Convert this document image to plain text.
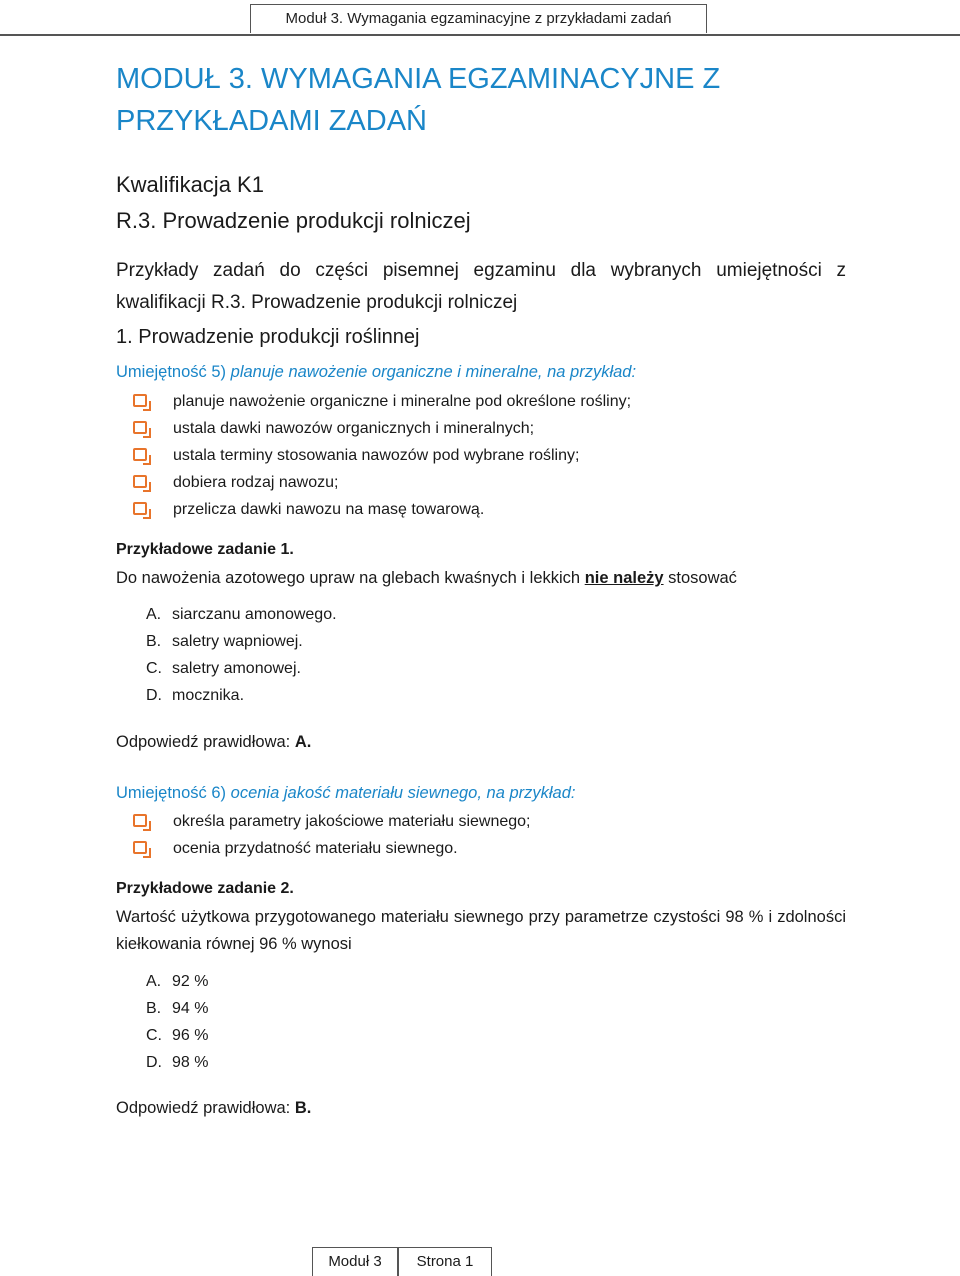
Moduł 3. Wymagania egzaminacyjne z przykładami zadań
MODUŁ 3. WYMAGANIA EGZAMINACYJNE Z PRZYKŁADAMI ZADAŃ
Kwalifikacja K1
R.3. Prowadzenie produkcji rolniczej
Przykłady zadań do części pisemnej egzaminu dla wybranych umiejętności z kwalifikacji R.3. Prowadzenie produkcji rolniczej
1. Prowadzenie produkcji roślinnej
Umiejętność 5) planuje nawożenie organiczne i mineralne, na przykład:
planuje nawożenie organiczne i mineralne pod określone rośliny;
ustala dawki nawozów organicznych i mineralnych;
ustala terminy stosowania nawozów pod wybrane rośliny;
dobiera rodzaj nawozu;
przelicza dawki nawozu na masę towarową.
Przykładowe zadanie 1.
Do nawożenia azotowego upraw na glebach kwaśnych i lekkich nie należy stosować
A. siarczanu amonowego.
B. saletry wapniowej.
C. saletry amonowej.
D. mocznika.
Odpowiedź prawidłowa: A.
Umiejętność 6) ocenia jakość materiału siewnego, na przykład:
określa parametry jakościowe materiału siewnego;
ocenia przydatność materiału siewnego.
Przykładowe zadanie 2.
Wartość użytkowa przygotowanego materiału siewnego przy parametrze czystości 98 % i zdolności kiełkowania równej 96 % wynosi
A. 92 %
B. 94 %
C. 96 %
D. 98 %
Odpowiedź prawidłowa: B.
Moduł 3	Strona 1
